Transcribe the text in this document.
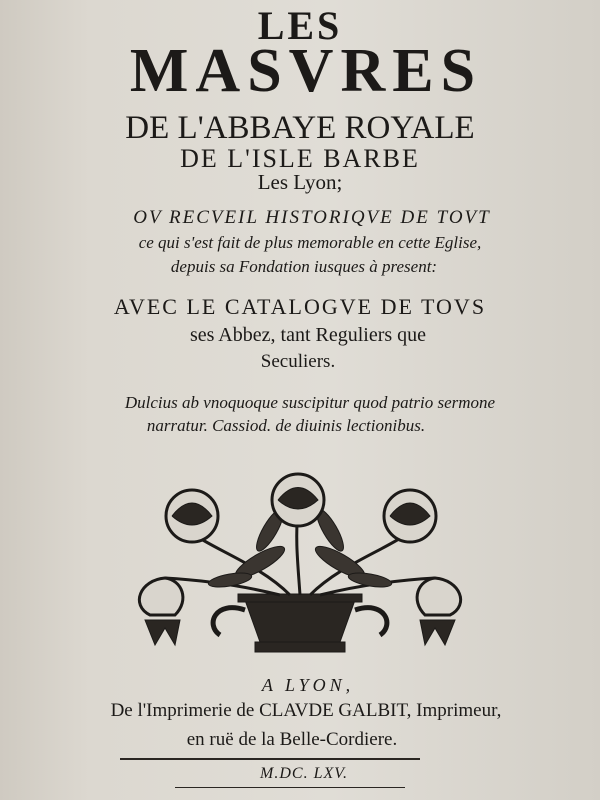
LES
MASVRES
DE L'ABBAYE ROYALE
DE L'ISLE BARBE
Les Lyon;
OV RECVEIL HISTORIQVE DE TOVT
ce qui s'est fait de plus memorable en cette Eglise,
depuis sa Fondation iusques à present:
AVEC LE CATALOGVE DE TOVS
ses Abbez, tant Reguliers que
Seculiers.
Dulcius ab vnoquoque suscipitur quod patrio sermone
narratur. Cassiod. de diuinis lectionibus.
A LYON,
De l'Imprimerie de CLAVDE GALBIT, Imprimeur,
en ruë de la Belle-Cordiere.
M.DC. LXV.
